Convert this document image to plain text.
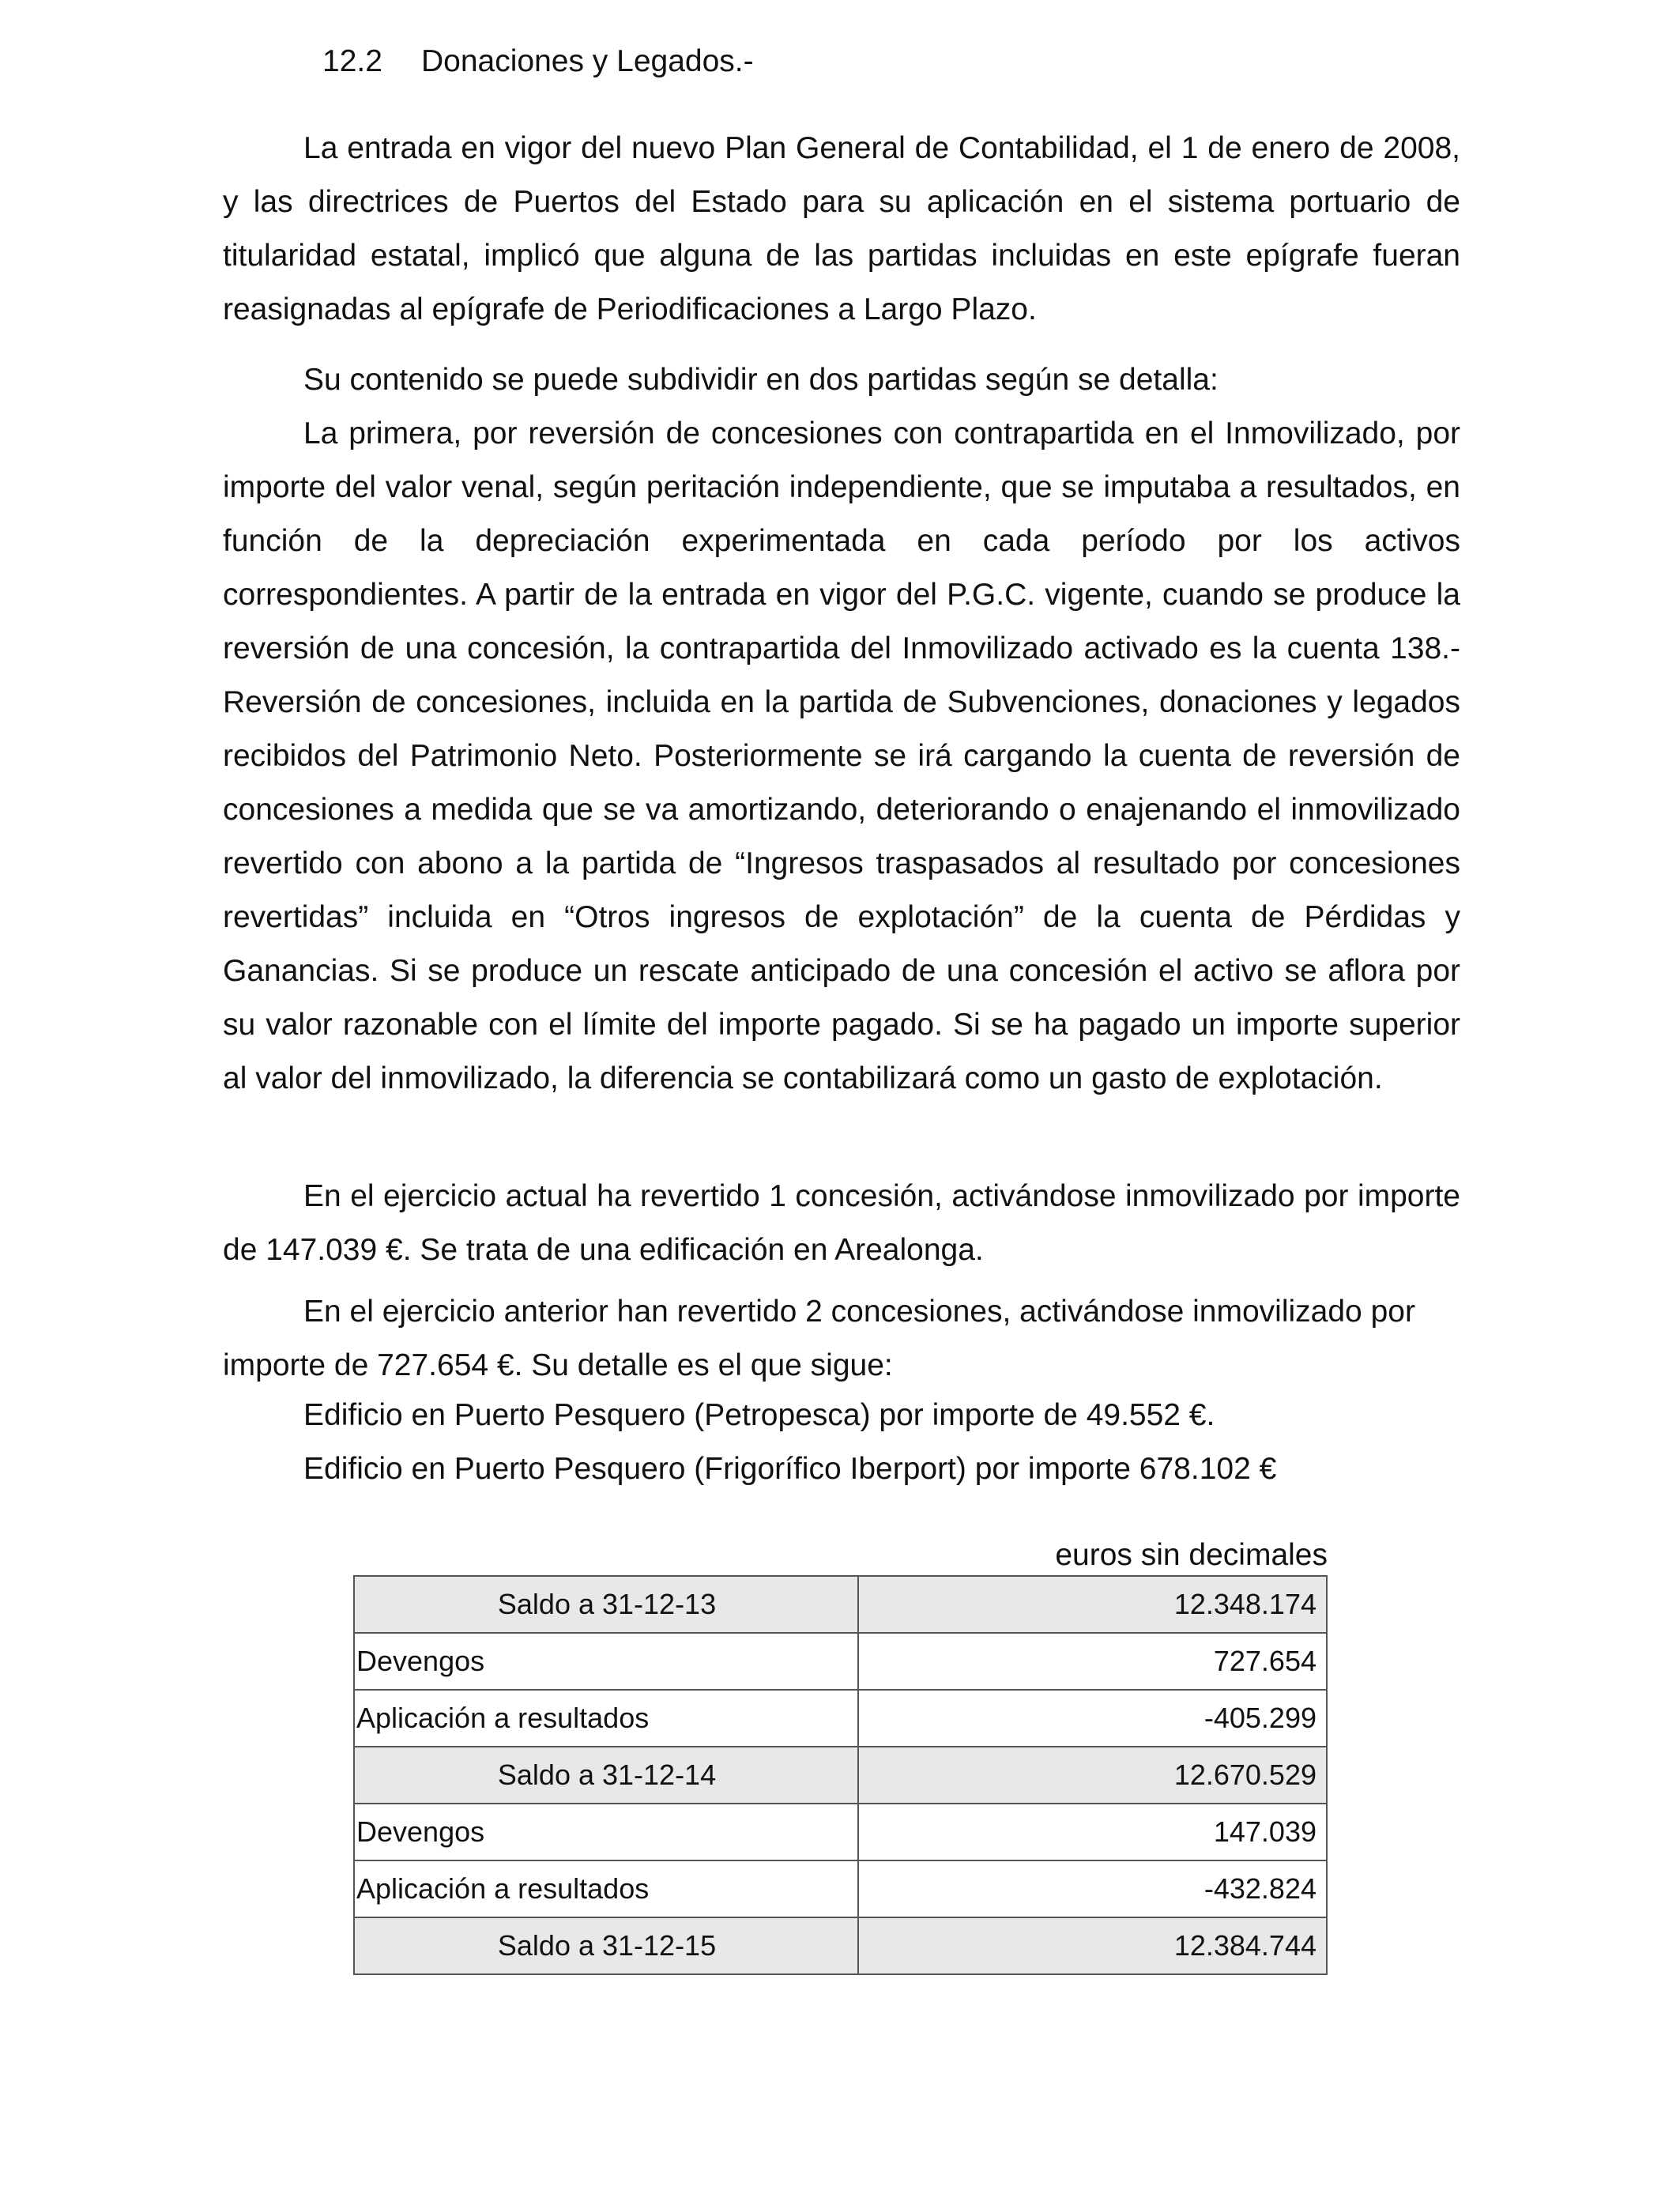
12.2 Donaciones y Legados.-

La entrada en vigor del nuevo Plan General de Contabilidad, el 1 de enero de 2008, y las directrices de Puertos del Estado para su aplicación en el sistema portuario de titularidad estatal, implicó que alguna de las partidas incluidas en este epígrafe fueran reasignadas al epígrafe de Periodificaciones a Largo Plazo.

Su contenido se puede subdividir en dos partidas según se detalla:

La primera, por reversión de concesiones con contrapartida en el Inmovilizado, por importe del valor venal, según peritación independiente, que se imputaba a resultados, en función de la depreciación experimentada en cada período por los activos correspondientes. A partir de la entrada en vigor del P.G.C. vigente, cuando se produce la reversión de una concesión, la contrapartida del Inmovilizado activado es la cuenta 138.- Reversión de concesiones, incluida en la partida de Subvenciones, donaciones y legados recibidos del Patrimonio Neto. Posteriormente se irá cargando la cuenta de reversión de concesiones a medida que se va amortizando, deteriorando o enajenando el inmovilizado revertido con abono a la partida de “Ingresos traspasados al resultado por concesiones revertidas” incluida en “Otros ingresos de explotación” de la cuenta de Pérdidas y Ganancias. Si se produce un rescate anticipado de una concesión el activo se aflora por su valor razonable con el límite del importe pagado. Si se ha pagado un importe superior al valor del inmovilizado, la diferencia se contabilizará como un gasto de explotación.

En el ejercicio actual ha revertido 1 concesión, activándose inmovilizado por importe de 147.039 €. Se trata de una edificación en Arealonga.

En el ejercicio anterior han revertido 2 concesiones, activándose inmovilizado por importe de 727.654 €. Su detalle es el que sigue:

Edificio en Puerto Pesquero (Petropesca) por importe de 49.552 €.
Edificio en Puerto Pesquero (Frigorífico Iberport) por importe 678.102 €
euros sin decimales
Saldo a 31-12-13	12.348.174
Devengos	727.654
Aplicación a resultados	-405.299
Saldo a 31-12-14	12.670.529
Devengos	147.039
Aplicación a resultados	-432.824
Saldo a 31-12-15	12.384.744
